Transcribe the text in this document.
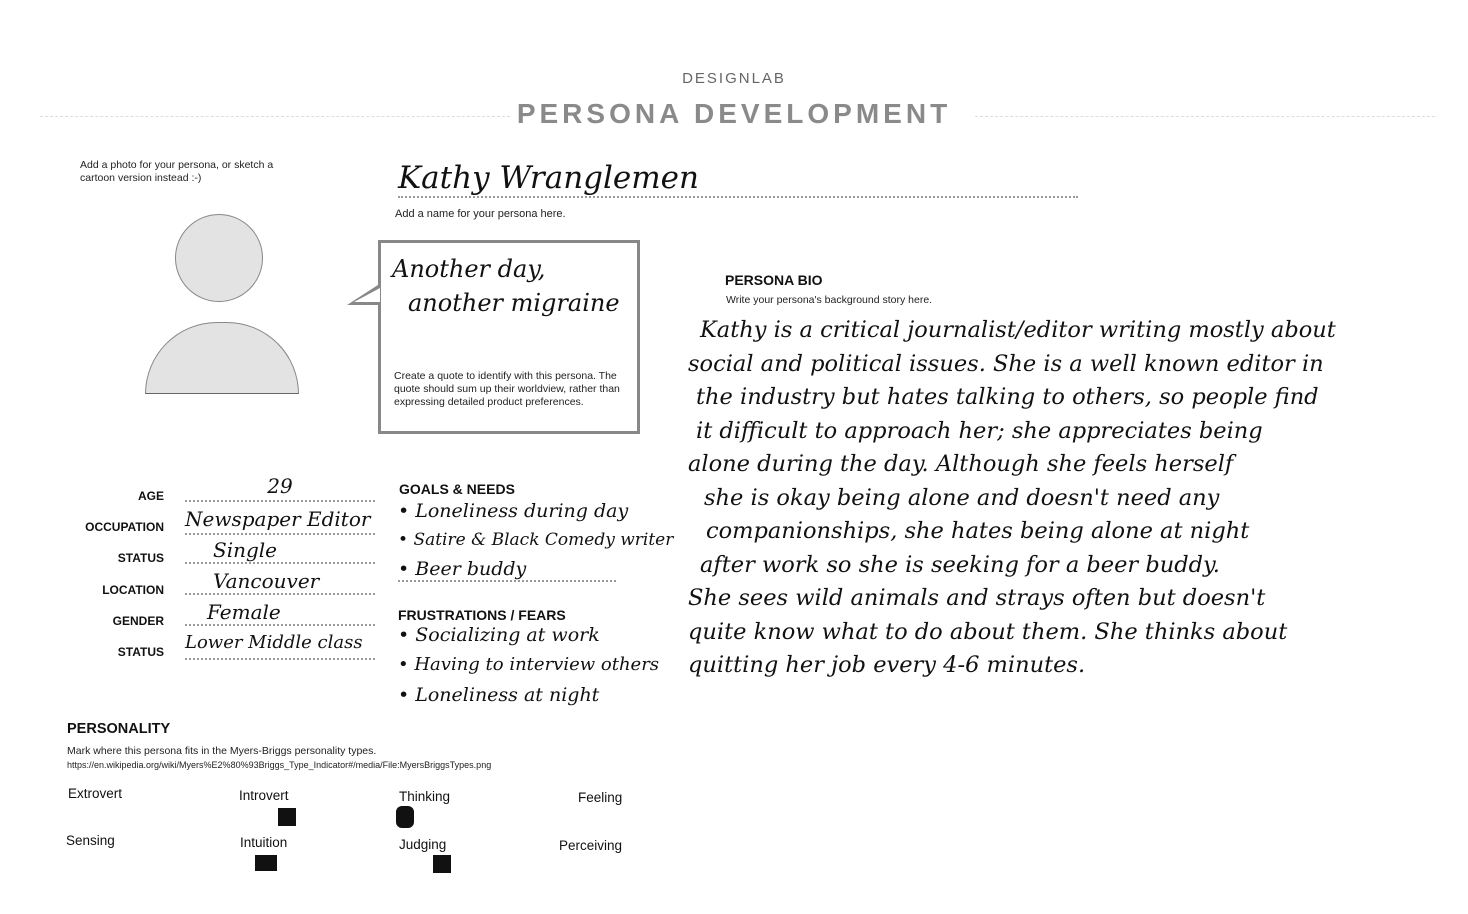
DESIGNLAB
PERSONA DEVELOPMENT
Add a photo for your persona, or sketch a cartoon version instead :-)	Kathy Wranglemen
Add a name for your persona here.
Another day,
another migraine
Create a quote to identify with this persona. The quote should sum up their worldview, rather than expressing detailed product preferences.
PERSONA BIO
Write your persona's background story here.
Kathy is a critical journalist/editor writing mostly about
social and political issues. She is a well known editor in
the industry but hates talking to others, so people find
it difficult to approach her; she appreciates being
alone during the day. Although she feels herself
she is okay being alone and doesn't need any
companionships, she hates being alone at night
after work so she is seeking for a beer buddy.
She sees wild animals and strays often but doesn't
quite know what to do about them. She thinks about
quitting her job every 4-6 minutes.
AGE	29
OCCUPATION Newspaper Editor
STATUS	Single
LOCATION	Vancouver
GENDER	Female
STATUS Lower Middle class
GOALS & NEEDS
• Loneliness during day
• Satire & Black Comedy writer
• Beer buddy
FRUSTRATIONS / FEARS
• Socializing at work
• Having to interview others
• Loneliness at night
PERSONALITY
Mark where this persona fits in the Myers-Briggs personality types.
https://en.wikipedia.org/wiki/Myers%E2%80%93Briggs_Type_Indicator#/media/File:MyersBriggsTypes.png
Extrovert	Introvert	Thinking	Feeling
Sensing	Intuition	Judging	Perceiving
